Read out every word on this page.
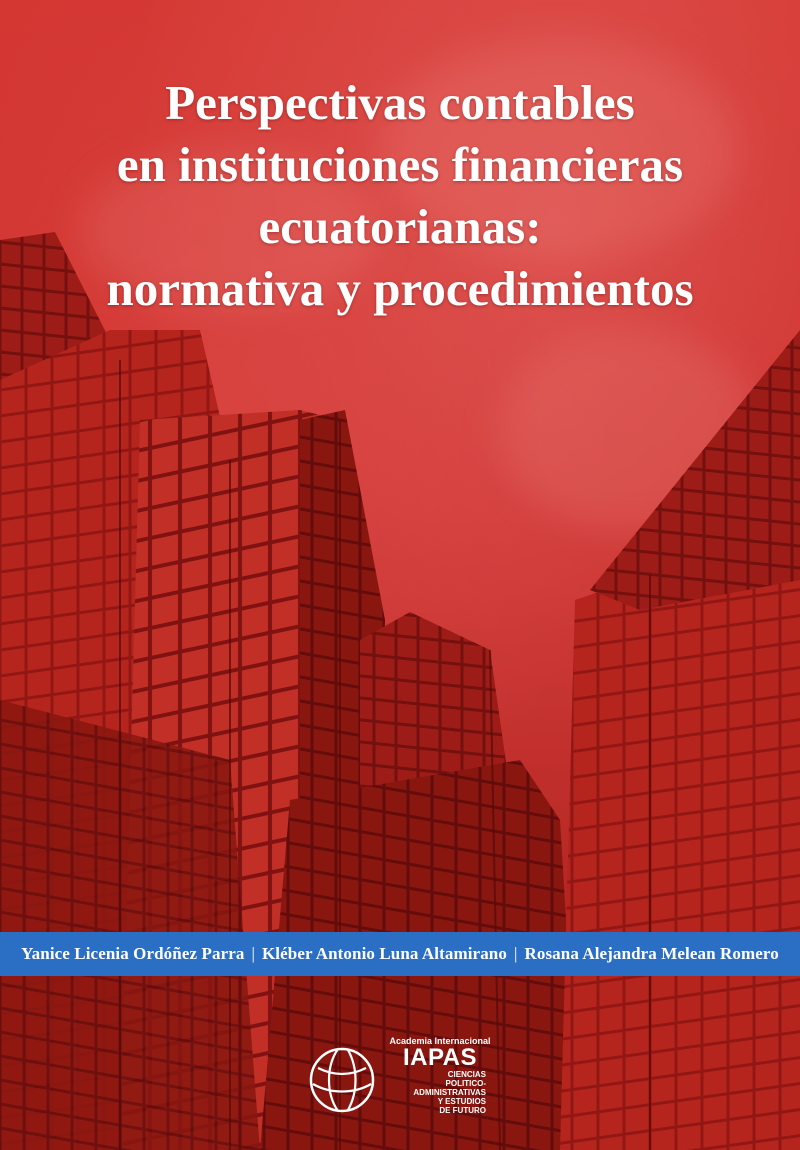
Perspectivas contables
en instituciones financieras
ecuatorianas:
normativa y procedimientos
Yanice Licenia Ordóñez Parra | Kléber Antonio Luna Altamirano | Rosana Alejandra Melean Romero
Academia Internacional
IAPAS
CIENCIAS
POLITICO-
ADMINISTRATIVAS
Y ESTUDIOS
DE FUTURO
